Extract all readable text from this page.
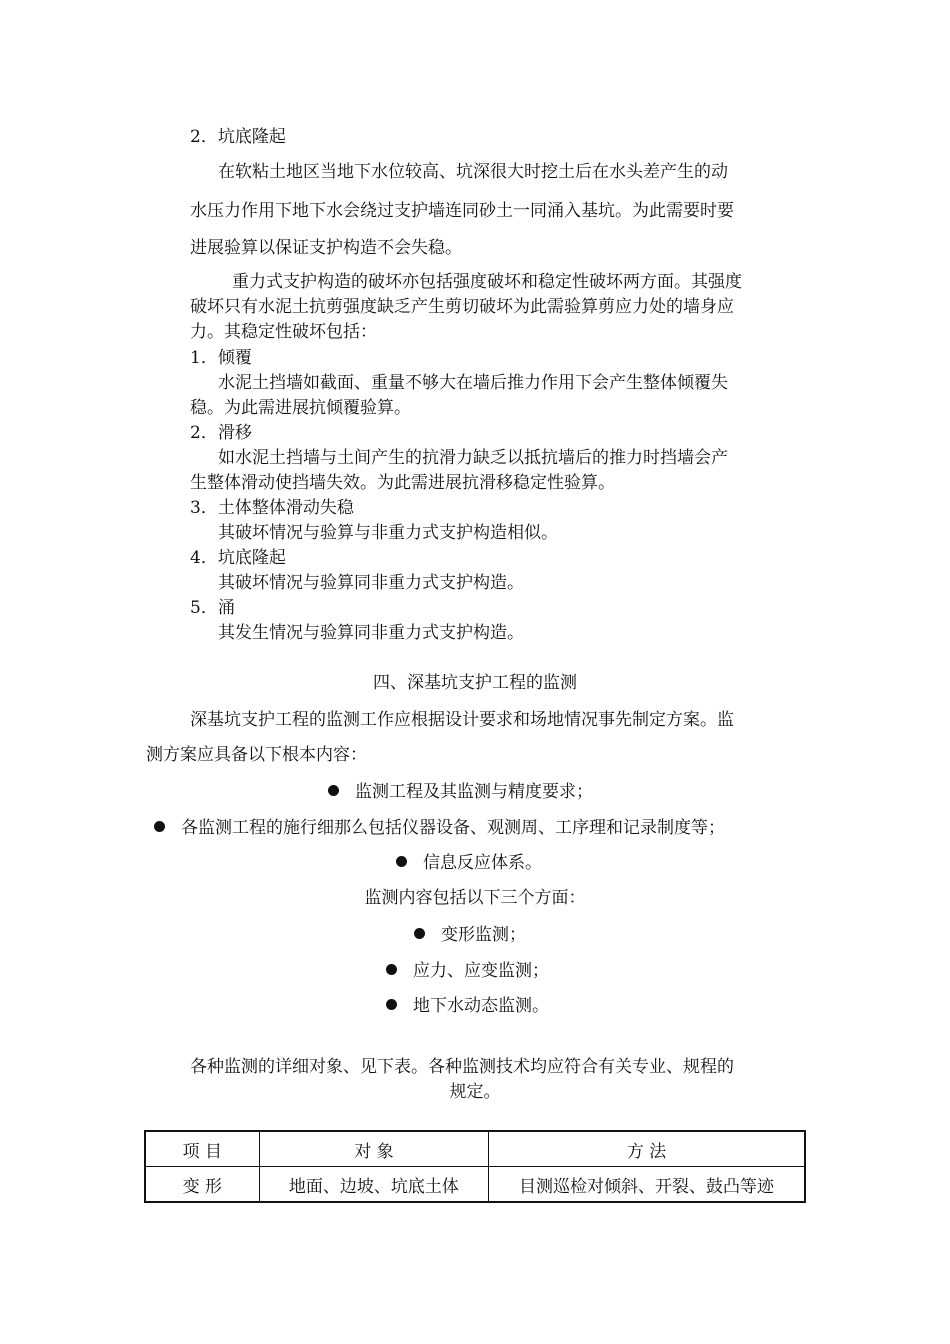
2．坑底隆起
在软粘土地区当地下水位较高、坑深很大时挖土后在水头差产生的动
水压力作用下地下水会绕过支护墙连同砂土一同涌入基坑。为此需要时要
进展验算以保证支护构造不会失稳。
重力式支护构造的破坏亦包括强度破坏和稳定性破坏两方面。其强度
破坏只有水泥土抗剪强度缺乏产生剪切破坏为此需验算剪应力处的墙身应
力。其稳定性破坏包括：
1．倾覆
水泥土挡墙如截面、重量不够大在墙后推力作用下会产生整体倾覆失
稳。为此需进展抗倾覆验算。
2．滑移
如水泥土挡墙与土间产生的抗滑力缺乏以抵抗墙后的推力时挡墙会产
生整体滑动使挡墙失效。为此需进展抗滑移稳定性验算。
3．土体整体滑动失稳
其破坏情况与验算与非重力式支护构造相似。
4．坑底隆起
其破坏情况与验算同非重力式支护构造。
5．涌
其发生情况与验算同非重力式支护构造。
四、深基坑支护工程的监测
深基坑支护工程的监测工作应根据设计要求和场地情况事先制定方案。监
测方案应具备以下根本内容：
监测工程及其监测与精度要求；
各监测工程的施行细那么包括仪器设备、观测周、工序理和记录制度等；
信息反应体系。
监测内容包括以下三个方面：
变形监测；
应力、应变监测；
地下水动态监测。
各种监测的详细对象、见下表。各种监测技术均应符合有关专业、规程的
规定。
项 目	对 象	方 法
变 形	地面、边坡、坑底土体	目测巡检对倾斜、开裂、鼓凸等迹
